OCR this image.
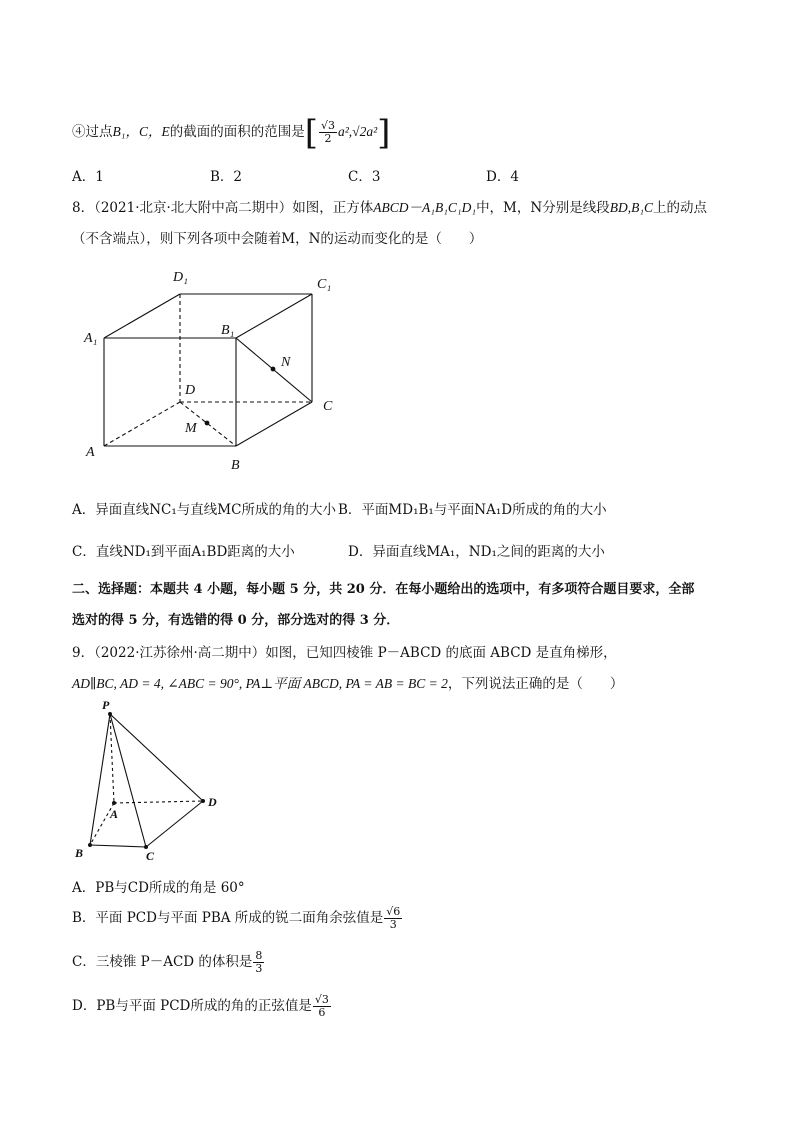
④过点B₁，C，E的截面的面积的范围是[ $\frac{√3}{2} a^2,√2a^2$]
A．1	B．2	C．3	D．4
8．（2021·北京·北大附中高二期中）如图，正方体ABCD－A₁B₁C₁D₁中，M，N分别是线段BD,B₁C上的动点
（不含端点），则下列各项中会随着M，N的运动而变化的是（　　）
D₁	C₁
A₁
B₁
N
D
C
M
A
B
A．异面直线NC₁与直线MC所成的角的大小 B．平面MD₁B₁与平面NA₁D所成的角的大小
C．直线ND₁到平面A₁BD距离的大小	D．异面直线MA₁，ND₁之间的距离的大小
二、选择题：本题共 4 小题，每小题 5 分，共 20 分．在每小题给出的选项中，有多项符合题目要求，全部
选对的得 5 分，有选错的得 0 分，部分选对的得 3 分．
9．（2022·江苏徐州·高二期中）如图，已知四棱锥 P－ABCD 的底面 ABCD 是直角梯形，
AD∥BC, AD = 4, ∠ABC = 90°, PA⊥平面 ABCD, PA = AB = BC = 2，下列说法正确的是（　　）
P
A
B	C
D
A．PB与CD所成的角是 60°
B．平面 PCD与平面 PBA 所成的锐二面角余弦值是 $\frac{√6}{3}$
C．三棱锥 P－ACD 的体积是 $\frac{8}{3}$
D．PB与平面 PCD所成的角的正弦值是 $\frac{√3}{6}$
